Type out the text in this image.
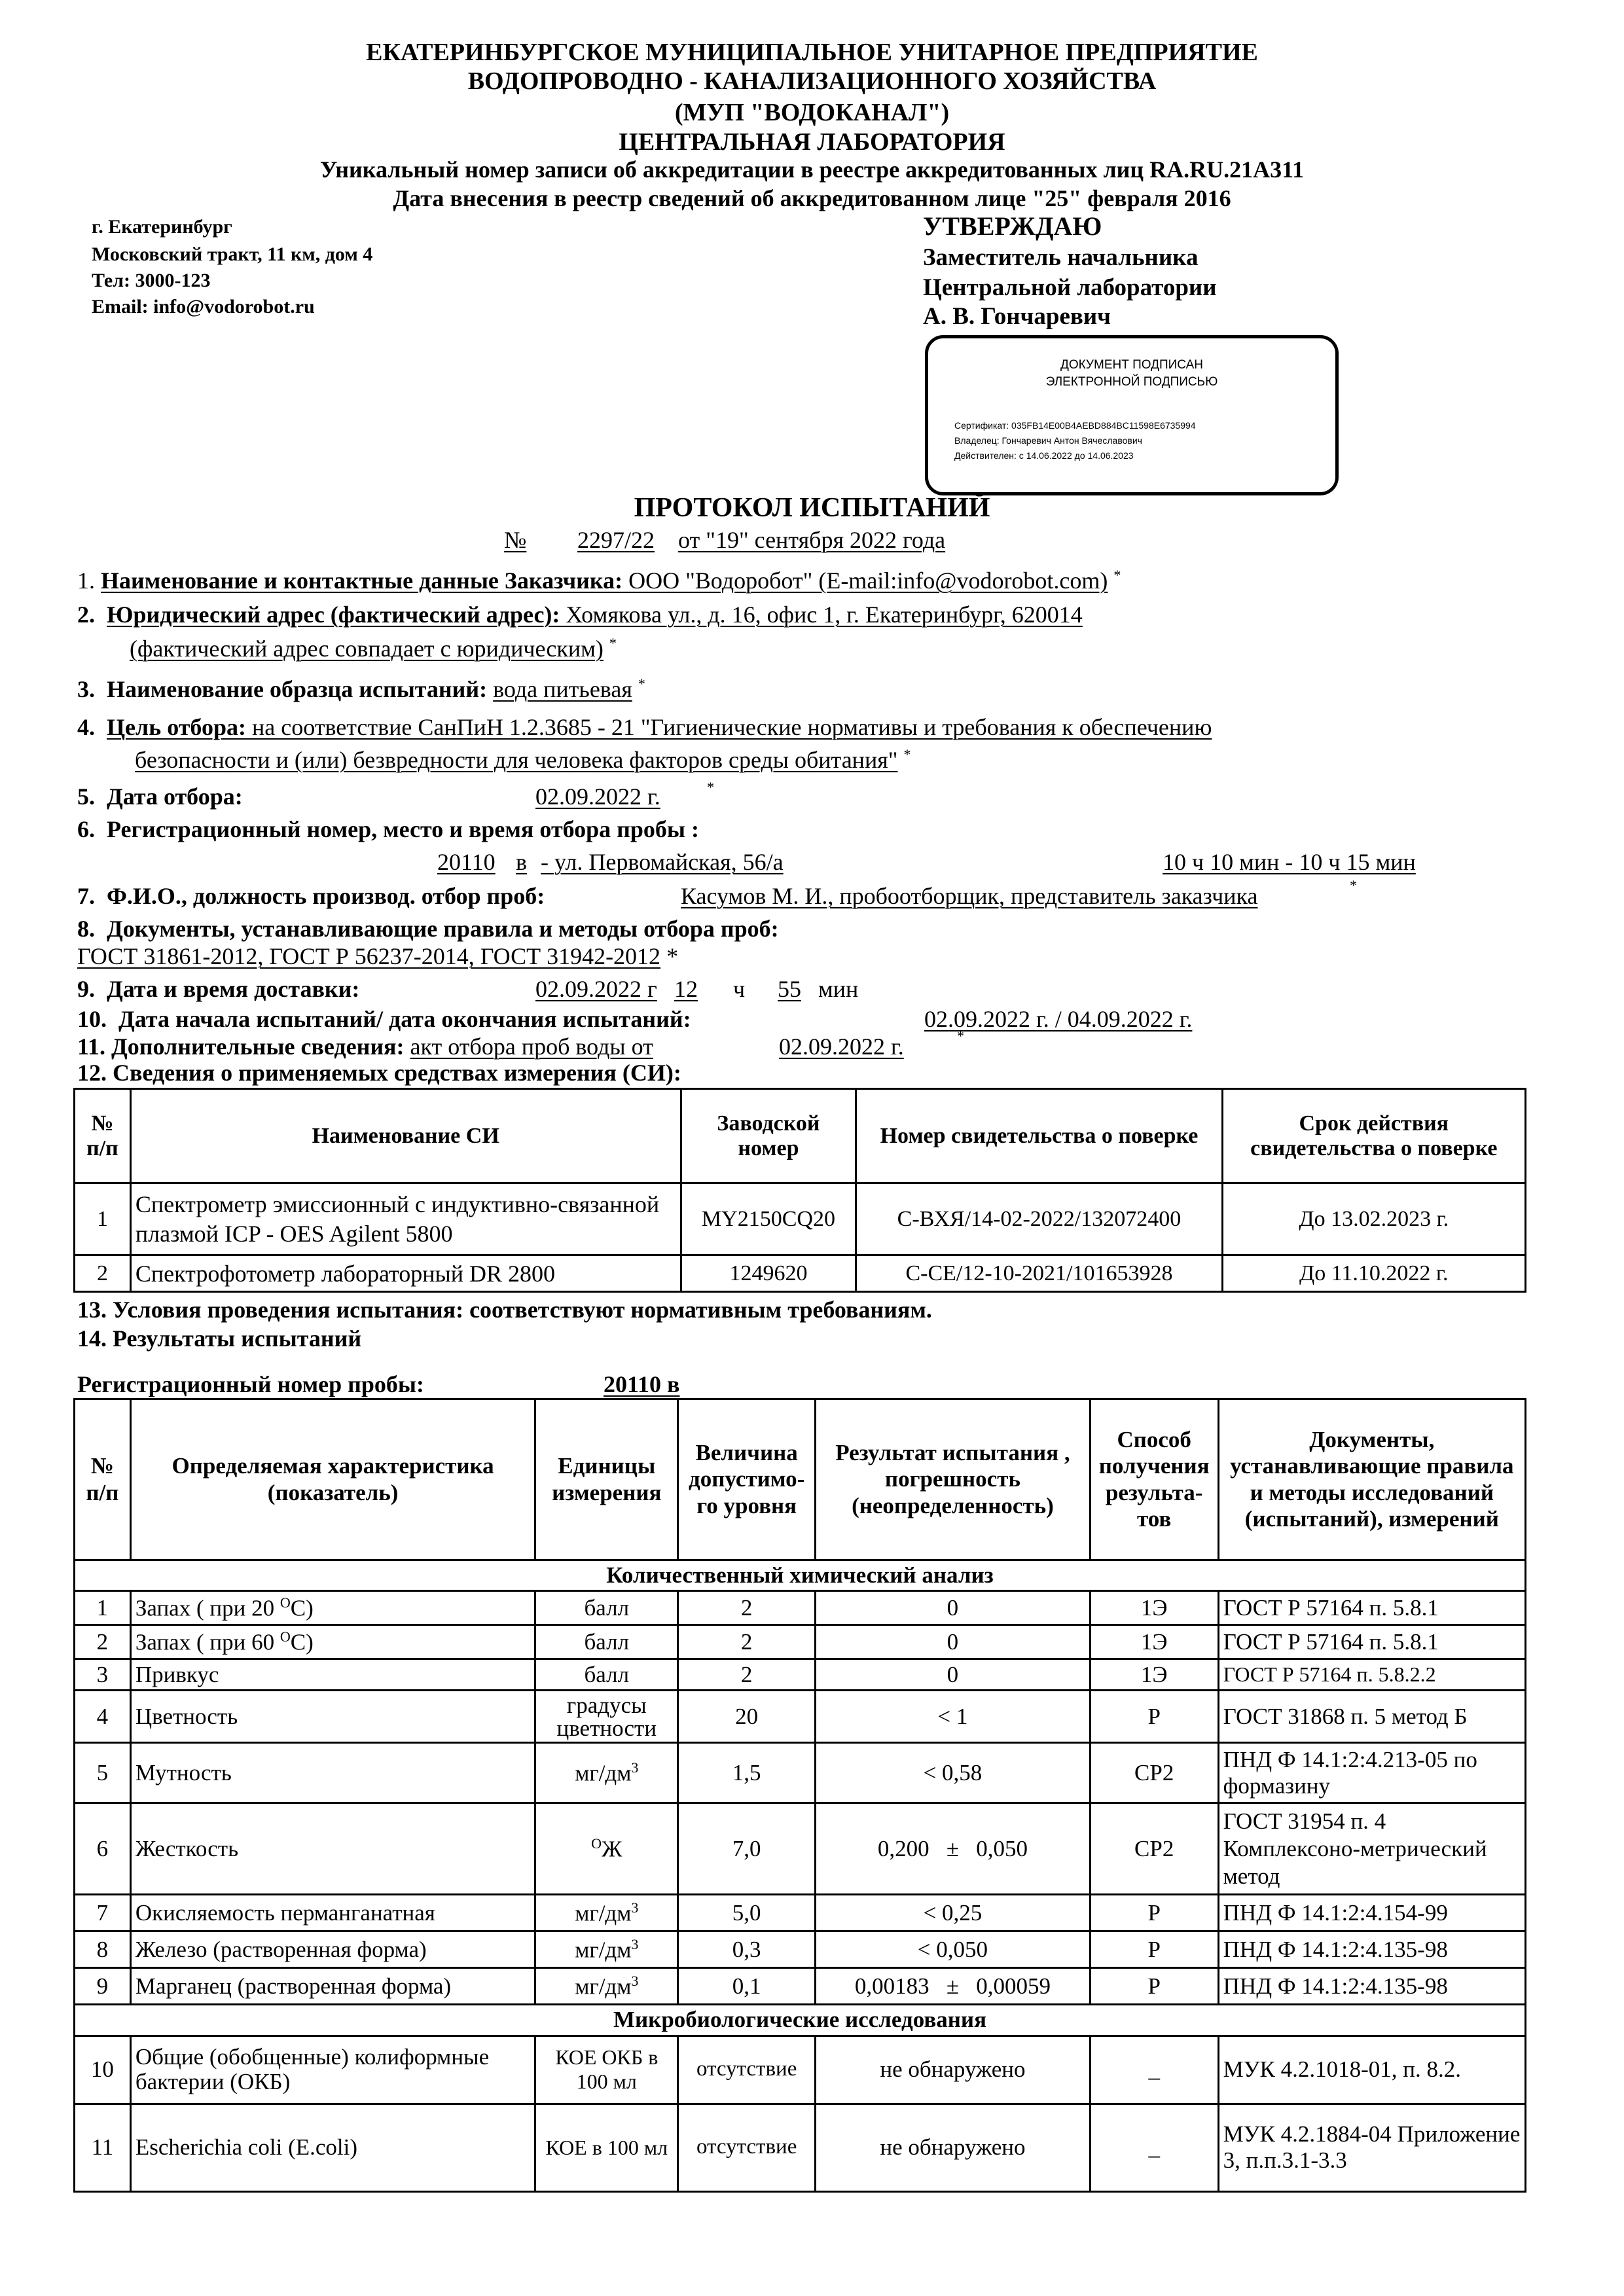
ЕКАТЕРИНБУРГСКОЕ МУНИЦИПАЛЬНОЕ УНИТАРНОЕ ПРЕДПРИЯТИЕ
ВОДОПРОВОДНО - КАНАЛИЗАЦИОННОГО ХОЗЯЙСТВА
(МУП "ВОДОКАНАЛ")
ЦЕНТРАЛЬНАЯ ЛАБОРАТОРИЯ
Уникальный номер записи об аккредитации в реестре аккредитованных лиц RA.RU.21A311
Дата внесения в реестр сведений об аккредитованном лице "25" февраля 2016
г. Екатеринбург
Московский тракт, 11 км, дом 4
Тел: 3000-123
Email: info@vodorobot.ru
УТВЕРЖДАЮ
Заместитель начальника
Центральной лаборатории
А. В. Гончаревич
ДОКУМЕНТ ПОДПИСАН
ЭЛЕКТРОННОЙ ПОДПИСЬЮ
Сертификат: 035FB14E00B4AEBD884BC11598E6735994
Владелец: Гончаревич Антон Вячеславович
Действителен: с 14.06.2022 до 14.06.2023
ПРОТОКОЛ ИСПЫТАНИЙ
№ 2297/22 от "19" сентября 2022 года
1. Наименование и контактные данные Заказчика: ООО "Водоробот" (E-mail:info@vodorobot.com) *
2. Юридический адрес (фактический адрес): Хомякова ул., д. 16, офис 1, г. Екатеринбург, 620014
(фактический адрес совпадает с юридическим) *
3. Наименование образца испытаний: вода питьевая *
4. Цель отбора: на соответствие СанПиН 1.2.3685 - 21 "Гигиенические нормативы и требования к обеспечению
безопасности и (или) безвредности для человека факторов среды обитания" *
5. Дата отбора:	02.09.2022 г.	*
6. Регистрационный номер, место и время отбора пробы :
20110 в - ул. Первомайская, 56/а	10 ч 10 мин - 10 ч 15 мин
7. Ф.И.О., должность производ. отбор проб:	Касумов М. И., пробоотборщик, представитель заказчика	*
8. Документы, устанавливающие правила и методы отбора проб:
ГОСТ 31861-2012, ГОСТ Р 56237-2014, ГОСТ 31942-2012 *
9. Дата и время доставки:	02.09.2022 г 12 ч 55 мин
10. Дата начала испытаний/ дата окончания испытаний:	02.09.2022 г. / 04.09.2022 г.
11. Дополнительные сведения: акт отбора проб воды от	02.09.2022 г.	*
12. Сведения о применяемых средствах измерения (СИ):
№ п/п	Наименование СИ	Заводской номер	Номер свидетельства о поверке	Срок действия свидетельства о поверке
1	Спектрометр эмиссионный с индуктивно-связанной плазмой ICP - OES Agilent 5800	MY2150CQ20	С-ВХЯ/14-02-2022/132072400	До 13.02.2023 г.
2	Спектрофотометр лабораторный DR 2800	1249620	С-СЕ/12-10-2021/101653928	До 11.10.2022 г.
13. Условия проведения испытания: соответствуют нормативным требованиям.
14. Результаты испытаний
Регистрационный номер пробы:	20110 в
№ п/п	Определяемая характеристика (показатель)	Единицы измерения	Величина допустимо-го уровня	Результат испытания , погрешность (неопределенность)	Способ получения результа-тов	Документы, устанавливающие правила и методы исследований (испытаний), измерений
Количественный химический анализ						
1	Запах ( при 20 $^O$C)	балл	2	0	1Э	ГОСТ Р 57164 п. 5.8.1
2	Запах ( при 60 $^O$C)	балл	2	0	1Э	ГОСТ Р 57164 п. 5.8.1
3	Привкус	балл	2	0	1Э	ГОСТ Р 57164 п. 5.8.2.2
4	Цветность	градусы цветности	20	< 1	Р	ГОСТ 31868 п. 5 метод Б
5	Мутность	$мг/дм^3$	1,5	< 0,58	СР2	ПНД Ф 14.1:2:4.213-05 по формазину
6	Жесткость	$^О$Ж	7,0	0,200   ±   0,050	СР2	ГОСТ 31954 п. 4 Комплексоно-метрический метод
7	Окисляемость перманганатная	$мг/дм^3$	5,0	< 0,25	Р	ПНД Ф 14.1:2:4.154-99
8	Железо (растворенная форма)	$мг/дм^3$	0,3	< 0,050	Р	ПНД Ф 14.1:2:4.135-98
9	Марганец (растворенная форма)	$мг/дм^3$	0,1	0,00183   ±   0,00059	Р	ПНД Ф 14.1:2:4.135-98
Микробиологические исследования						
10	Общие (обобщенные) колиформные бактерии (ОКБ)	КОЕ ОКБ в 100 мл	отсутствие	не обнаружено	_	МУК 4.2.1018-01, п. 8.2.
11	Escherichia coli (E.coli)	КОЕ в 100 мл	отсутствие	не обнаружено	_	МУК 4.2.1884-04 Приложение 3, п.п.3.1-3.3
